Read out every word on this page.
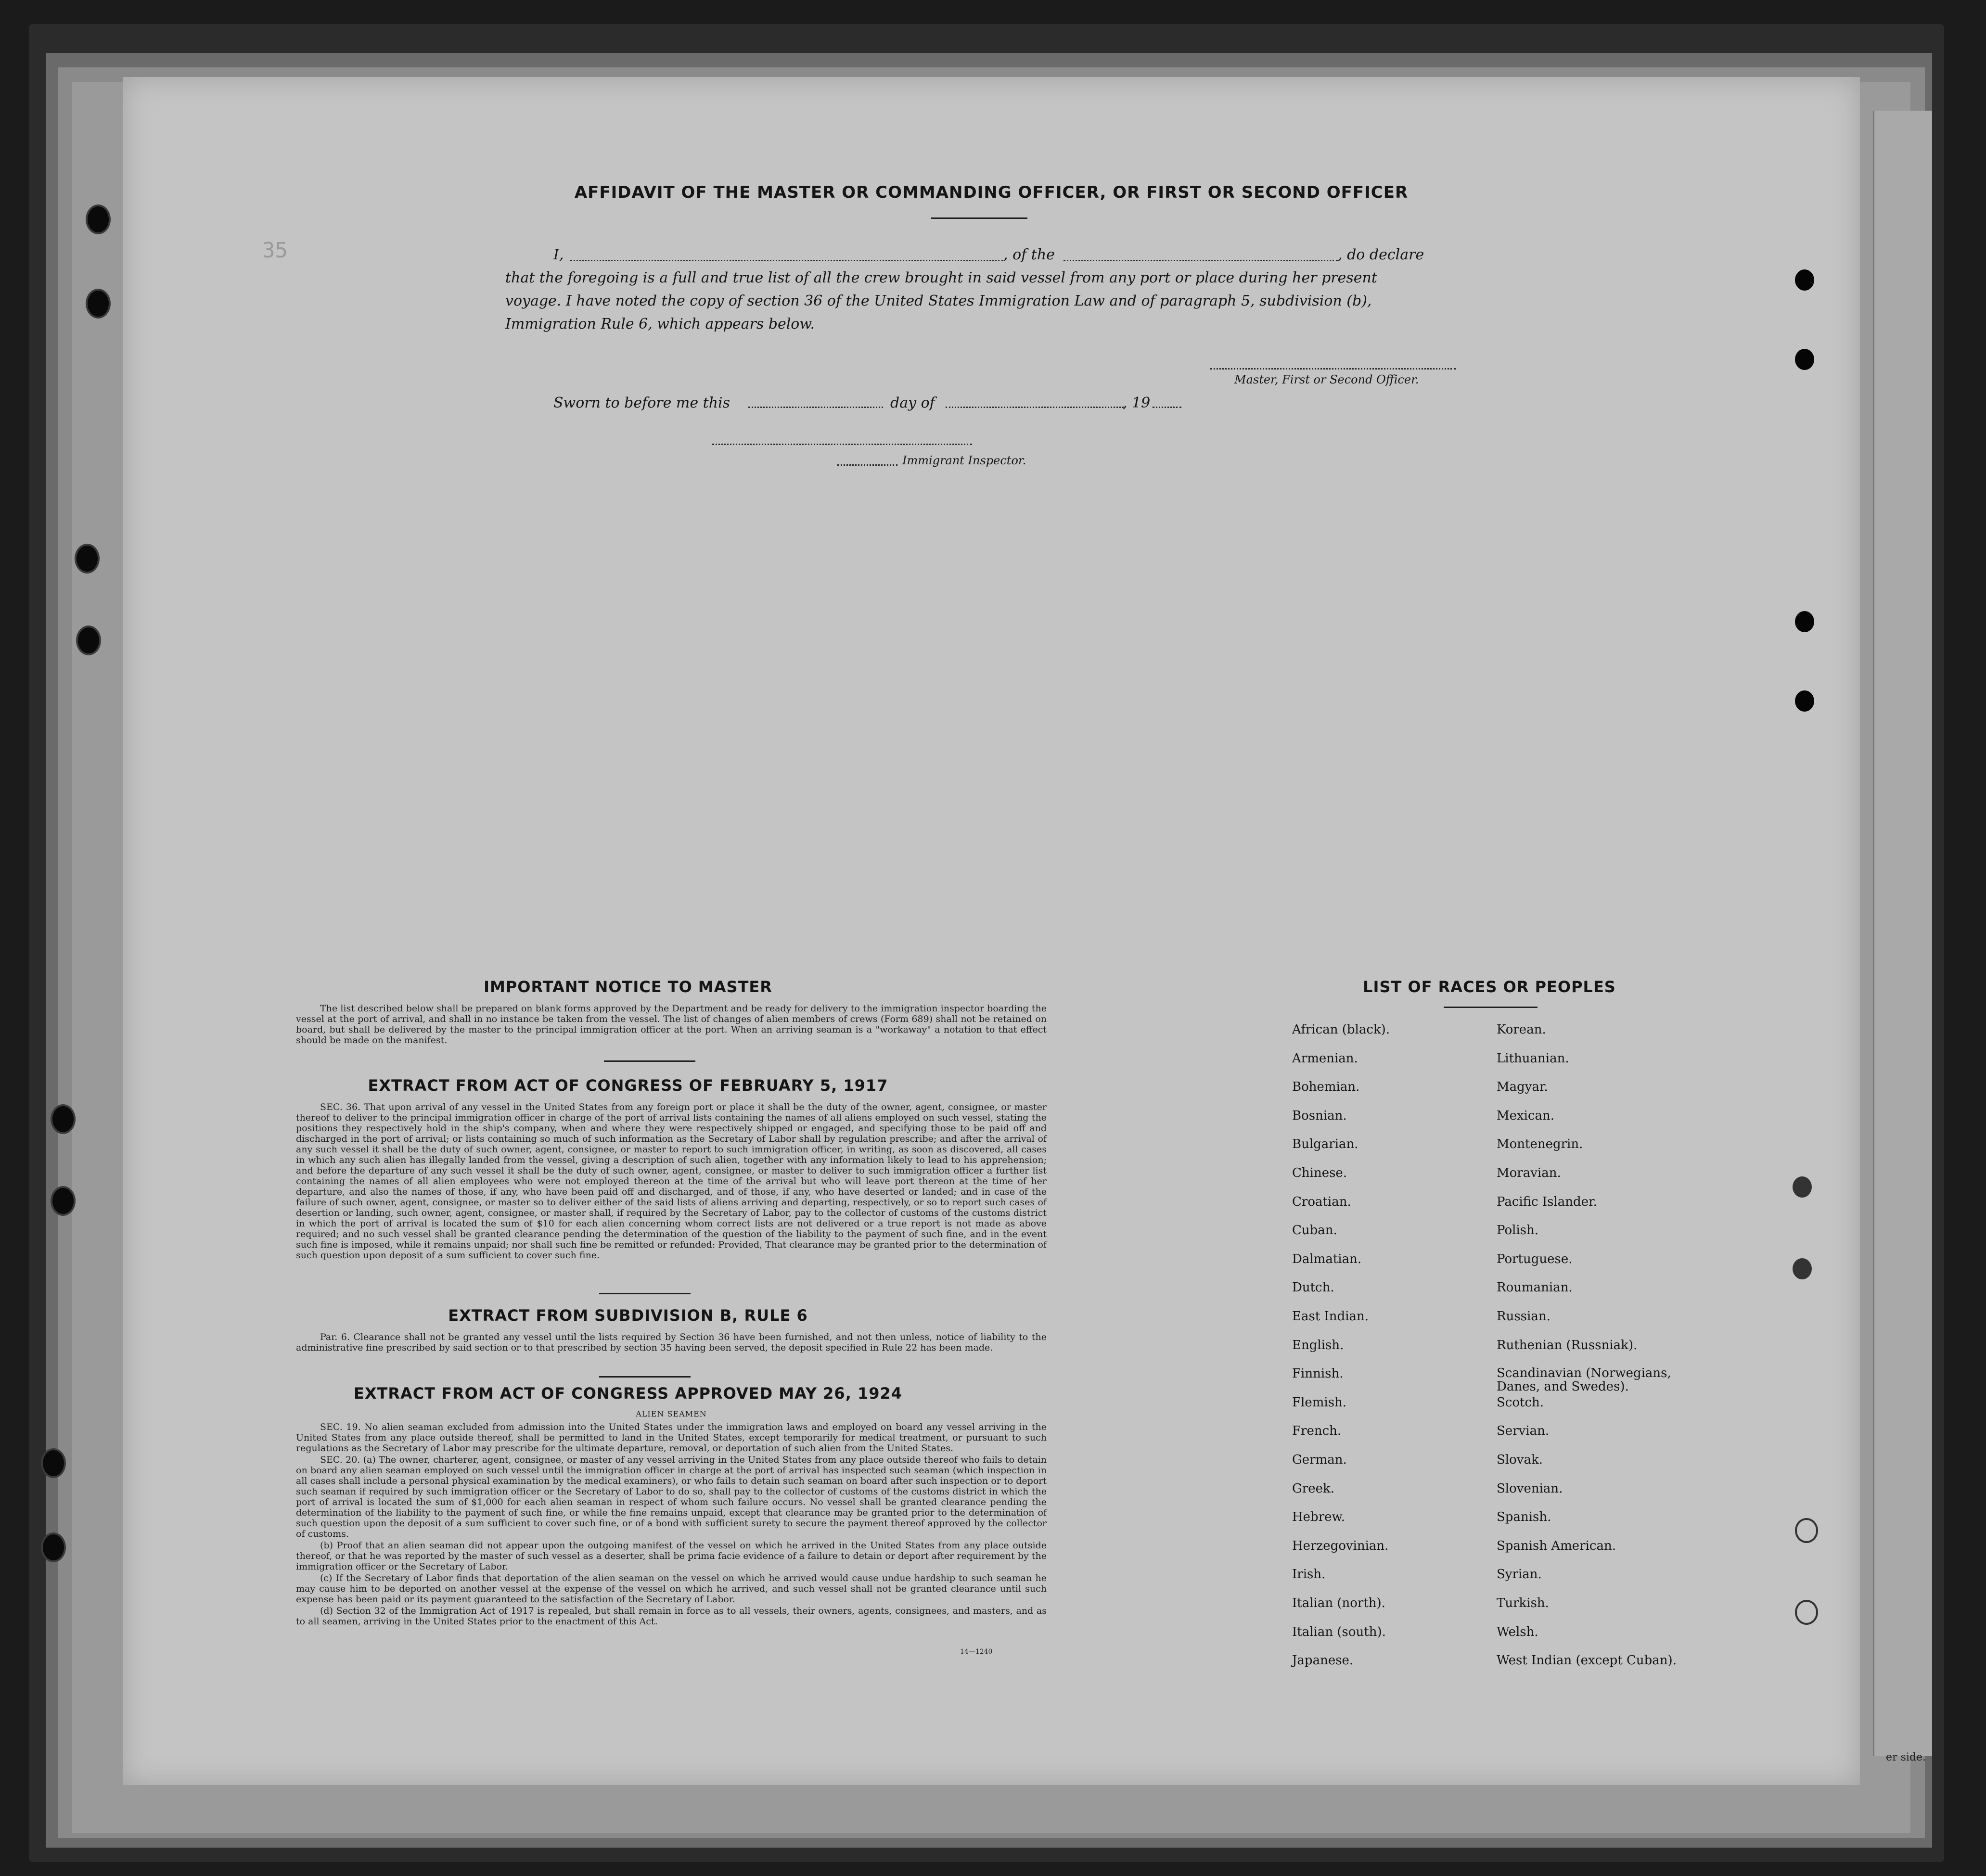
er side.
35
AFFIDAVIT OF THE MASTER OR COMMANDING OFFICER, OR FIRST OR SECOND OFFICER
I,	, of the	, do declare
that the foregoing is a full and true list of all the crew brought in said vessel from any port or place during her present
voyage. I have noted the copy of section 36 of the United States Immigration Law and of paragraph 5, subdivision (b),
Immigration Rule 6, which appears below.
Master, First or Second Officer.
Sworn to before me this	day of	, 19
Immigrant Inspector.
IMPORTANT NOTICE TO MASTER
The list described below shall be prepared on blank forms approved by the Department and be ready for delivery to the immigration inspector boarding the vessel at the port of arrival, and shall in no instance be taken from the vessel. The list of changes of alien members of crews (Form 689) shall not be retained on board, but shall be delivered by the master to the principal immigration officer at the port. When an arriving seaman is a "workaway" a notation to that effect should be made on the manifest.
EXTRACT FROM ACT OF CONGRESS OF FEBRUARY 5, 1917
SEC. 36. That upon arrival of any vessel in the United States from any foreign port or place it shall be the duty of the owner, agent, consignee, or master thereof to deliver to the principal immigration officer in charge of the port of arrival lists containing the names of all aliens employed on such vessel, stating the positions they respectively hold in the ship's company, when and where they were respectively shipped or engaged, and specifying those to be paid off and discharged in the port of arrival; or lists containing so much of such information as the Secretary of Labor shall by regulation prescribe; and after the arrival of any such vessel it shall be the duty of such owner, agent, consignee, or master to report to such immigration officer, in writing, as soon as discovered, all cases in which any such alien has illegally landed from the vessel, giving a description of such alien, together with any information likely to lead to his apprehension; and before the departure of any such vessel it shall be the duty of such owner, agent, consignee, or master to deliver to such immigration officer a further list containing the names of all alien employees who were not employed thereon at the time of the arrival but who will leave port thereon at the time of her departure, and also the names of those, if any, who have been paid off and discharged, and of those, if any, who have deserted or landed; and in case of the failure of such owner, agent, consignee, or master so to deliver either of the said lists of aliens arriving and departing, respectively, or so to report such cases of desertion or landing, such owner, agent, consignee, or master shall, if required by the Secretary of Labor, pay to the collector of customs of the customs district in which the port of arrival is located the sum of $10 for each alien concerning whom correct lists are not delivered or a true report is not made as above required; and no such vessel shall be granted clearance pending the determination of the question of the liability to the payment of such fine, and in the event such fine is imposed, while it remains unpaid; nor shall such fine be remitted or refunded: Provided, That clearance may be granted prior to the determination of such question upon deposit of a sum sufficient to cover such fine.
EXTRACT FROM SUBDIVISION B, RULE 6
Par. 6. Clearance shall not be granted any vessel until the lists required by Section 36 have been furnished, and not then unless, notice of liability to the administrative fine prescribed by said section or to that prescribed by section 35 having been served, the deposit specified in Rule 22 has been made.
EXTRACT FROM ACT OF CONGRESS APPROVED MAY 26, 1924
ALIEN SEAMEN

SEC. 19. No alien seaman excluded from admission into the United States under the immigration laws and employed on board any vessel arriving in the United States from any place outside thereof, shall be permitted to land in the United States, except temporarily for medical treatment, or pursuant to such regulations as the Secretary of Labor may prescribe for the ultimate departure, removal, or deportation of such alien from the United States.

SEC. 20. (a) The owner, charterer, agent, consignee, or master of any vessel arriving in the United States from any place outside thereof who fails to detain on board any alien seaman employed on such vessel until the immigration officer in charge at the port of arrival has inspected such seaman (which inspection in all cases shall include a personal physical examination by the medical examiners), or who fails to detain such seaman on board after such inspection or to deport such seaman if required by such immigration officer or the Secretary of Labor to do so, shall pay to the collector of customs of the customs district in which the port of arrival is located the sum of $1,000 for each alien seaman in respect of whom such failure occurs. No vessel shall be granted clearance pending the determination of the liability to the payment of such fine, or while the fine remains unpaid, except that clearance may be granted prior to the determination of such question upon the deposit of a sum sufficient to cover such fine, or of a bond with sufficient surety to secure the payment thereof approved by the collector of customs.

(b) Proof that an alien seaman did not appear upon the outgoing manifest of the vessel on which he arrived in the United States from any place outside thereof, or that he was reported by the master of such vessel as a deserter, shall be prima facie evidence of a failure to detain or deport after requirement by the immigration officer or the Secretary of Labor.

(c) If the Secretary of Labor finds that deportation of the alien seaman on the vessel on which he arrived would cause undue hardship to such seaman he may cause him to be deported on another vessel at the expense of the vessel on which he arrived, and such vessel shall not be granted clearance until such expense has been paid or its payment guaranteed to the satisfaction of the Secretary of Labor.

(d) Section 32 of the Immigration Act of 1917 is repealed, but shall remain in force as to all vessels, their owners, agents, consignees, and masters, and as to all seamen, arriving in the United States prior to the enactment of this Act.

14—1240
LIST OF RACES OR PEOPLES
African (black).
Armenian.
Bohemian.
Bosnian.
Bulgarian.
Chinese.
Croatian.
Cuban.
Dalmatian.
Dutch.
East Indian.
English.
Finnish.
Flemish.
French.
German.
Greek.
Hebrew.
Herzegovinian.
Irish.
Italian (north).
Italian (south).
Japanese.
Korean.
Lithuanian.
Magyar.
Mexican.
Montenegrin.
Moravian.
Pacific Islander.
Polish.
Portuguese.
Roumanian.
Russian.
Ruthenian (Russniak).
Scandinavian (Norwegians, Danes, and Swedes).
Scotch.
Servian.
Slovak.
Slovenian.
Spanish.
Spanish American.
Syrian.
Turkish.
Welsh.
West Indian (except Cuban).
